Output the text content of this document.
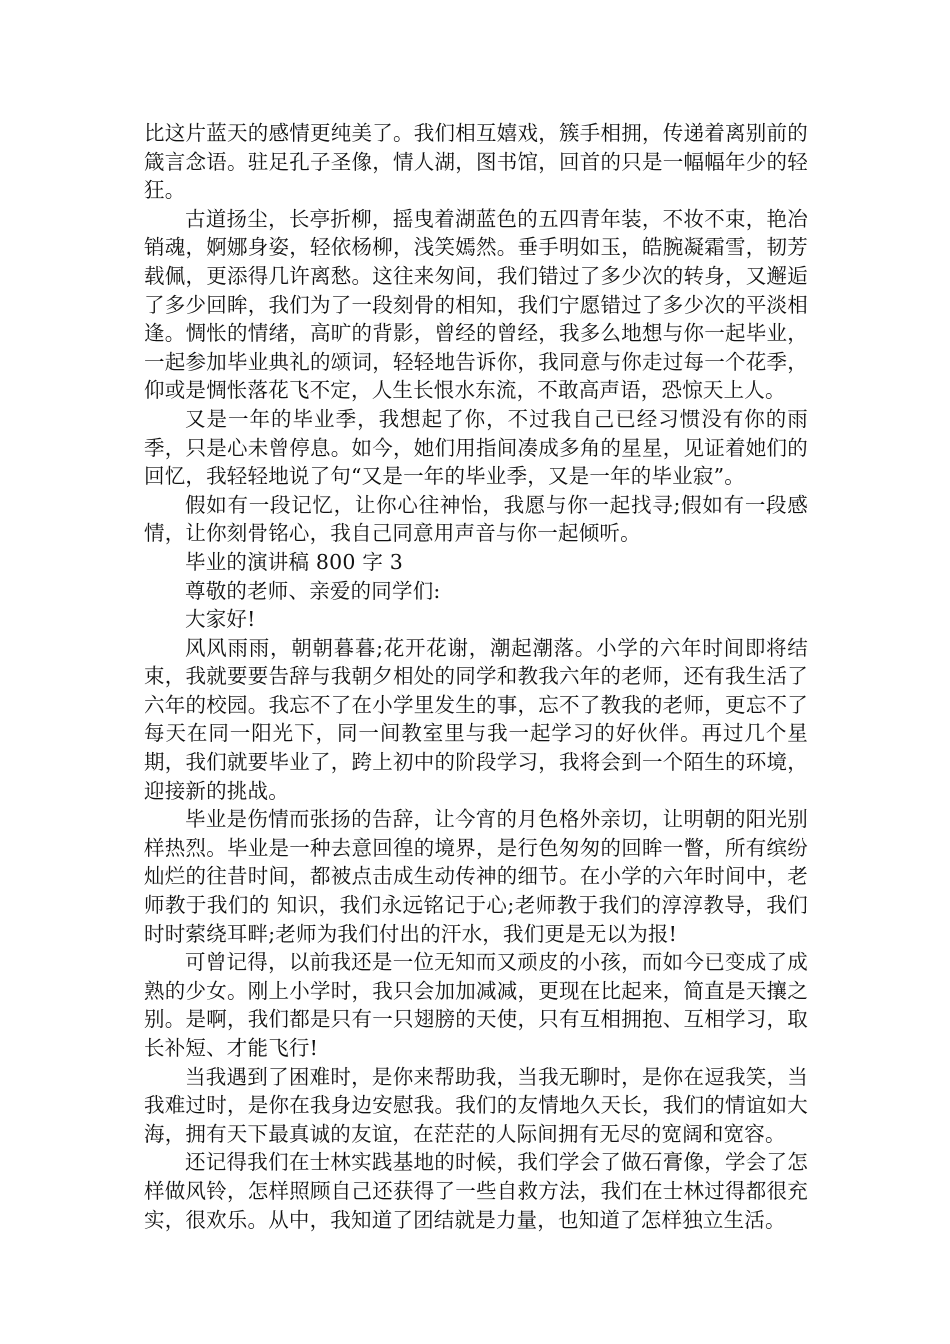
比这片蓝天的感情更纯美了。我们相互嬉戏，簇手相拥，传递着离别前的箴言念语。驻足孔子圣像，情人湖，图书馆，回首的只是一幅幅年少的轻狂。

古道扬尘，长亭折柳，摇曳着湖蓝色的五四青年装，不妆不束，艳冶销魂，婀娜身姿，轻依杨柳，浅笑嫣然。垂手明如玉，皓腕凝霜雪，韧芳载佩，更添得几许离愁。这往来匆间，我们错过了多少次的转身，又邂逅了多少回眸，我们为了一段刻骨的相知，我们宁愿错过了多少次的平淡相逢。惆怅的情绪，高旷的背影，曾经的曾经，我多么地想与你一起毕业，一起参加毕业典礼的颂词，轻轻地告诉你，我同意与你走过每一个花季，仰或是惆怅落花飞不定，人生长恨水东流，不敢高声语，恐惊天上人。

又是一年的毕业季，我想起了你，不过我自己已经习惯没有你的雨季，只是心未曾停息。如今，她们用指间凑成多角的星星，见证着她们的回忆，我轻轻地说了句“又是一年的毕业季，又是一年的毕业寂”。

假如有一段记忆，让你心往神怡，我愿与你一起找寻;假如有一段感情，让你刻骨铭心，我自己同意用声音与你一起倾听。

毕业的演讲稿 800 字 3

尊敬的老师、亲爱的同学们:

大家好!

风风雨雨，朝朝暮暮;花开花谢，潮起潮落。小学的六年时间即将结束，我就要要告辞与我朝夕相处的同学和教我六年的老师，还有我生活了六年的校园。我忘不了在小学里发生的事，忘不了教我的老师，更忘不了每天在同一阳光下，同一间教室里与我一起学习的好伙伴。再过几个星期，我们就要毕业了，跨上初中的阶段学习，我将会到一个陌生的环境，迎接新的挑战。

毕业是伤情而张扬的告辞，让今宵的月色格外亲切，让明朝的阳光别样热烈。毕业是一种去意回徨的境界，是行色匆匆的回眸一瞥，所有缤纷灿烂的往昔时间，都被点击成生动传神的细节。在小学的六年时间中，老师教于我们的 知识，我们永远铭记于心;老师教于我们的淳淳教导，我们时时萦绕耳畔;老师为我们付出的汗水，我们更是无以为报!

可曾记得，以前我还是一位无知而又顽皮的小孩，而如今已变成了成熟的少女。刚上小学时，我只会加加减减，更现在比起来，简直是天攘之别。是啊，我们都是只有一只翅膀的天使，只有互相拥抱、互相学习，取长补短、才能飞行!

当我遇到了困难时，是你来帮助我，当我无聊时，是你在逗我笑，当我难过时，是你在我身边安慰我。我们的友情地久天长，我们的情谊如大海，拥有天下最真诚的友谊，在茫茫的人际间拥有无尽的宽阔和宽容。

还记得我们在士林实践基地的时候，我们学会了做石膏像，学会了怎样做风铃，怎样照顾自己还获得了一些自救方法，我们在士林过得都很充实，很欢乐。从中，我知道了团结就是力量，也知道了怎样独立生活。
